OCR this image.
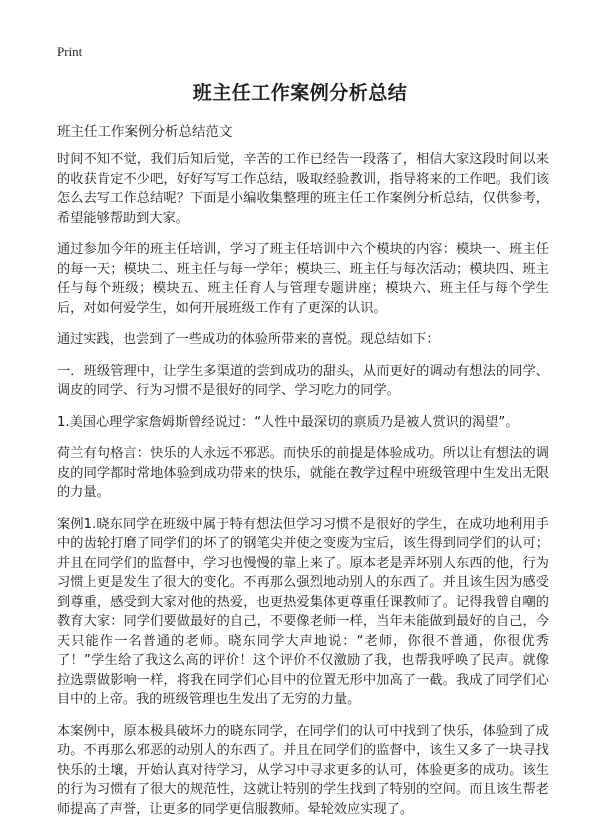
Print
班主任工作案例分析总结
班主任工作案例分析总结范文

时间不知不觉，我们后知后觉，辛苦的工作已经告一段落了，相信大家这段时间以来的收获肯定不少吧，好好写写工作总结，吸取经验教训，指导将来的工作吧。我们该怎么去写工作总结呢？下面是小编收集整理的班主任工作案例分析总结，仅供参考，希望能够帮助到大家。

通过参加今年的班主任培训，学习了班主任培训中六个模块的内容：模块一、班主任的每一天；模块二、班主任与每一学年；模块三、班主任与每次活动；模块四、班主任与每个班级；模块五、班主任育人与管理专题讲座；模块六、班主任与每个学生后，对如何爱学生，如何开展班级工作有了更深的认识。

通过实践，也尝到了一些成功的体验所带来的喜悦。现总结如下：

一．班级管理中，让学生多渠道的尝到成功的甜头，从而更好的调动有想法的同学、调皮的同学、行为习惯不是很好的同学、学习吃力的同学。

1.美国心理学家詹姆斯曾经说过：“人性中最深切的禀质乃是被人赏识的渴望”。

荷兰有句格言：快乐的人永远不邪恶。而快乐的前提是体验成功。所以让有想法的调皮的同学都时常地体验到成功带来的快乐，就能在教学过程中班级管理中生发出无限的力量。

案例1.晓东同学在班级中属于特有想法但学习习惯不是很好的学生，在成功地利用手中的齿轮打磨了同学们的坏了的钢笔尖并使之变废为宝后，该生得到同学们的认可；并且在同学们的监督中，学习也慢慢的靠上来了。原本老是弄坏别人东西的他，行为习惯上更是发生了很大的变化。不再那么强烈地动别人的东西了。并且该生因为感受到尊重，感受到大家对他的热爱，也更热爱集体更尊重任课教师了。记得我曾自嘲的教育大家：同学们要做最好的自己，不要像老师一样，当年未能做到最好的自己，今天只能作一名普通的老师。晓东同学大声地说：“老师，你很不普通，你很优秀了！”学生给了我这么高的评价！这个评价不仅激励了我，也帮我呼唤了民声。就像拉选票做影响一样，将我在同学们心目中的位置无形中加高了一截。我成了同学们心目中的上帝。我的班级管理也生发出了无穷的力量。

本案例中，原本极具破坏力的晓东同学，在同学们的认可中找到了快乐，体验到了成功。不再那么邪恶的动别人的东西了。并且在同学们的监督中，该生又多了一块寻找快乐的土壤，开始认真对待学习，从学习中寻求更多的认可，体验更多的成功。该生的行为习惯有了很大的规范性，这就让特别的学生找到了特别的空间。而且该生帮老师提高了声誉，让更多的同学更信服教师。晕轮效应实现了。
